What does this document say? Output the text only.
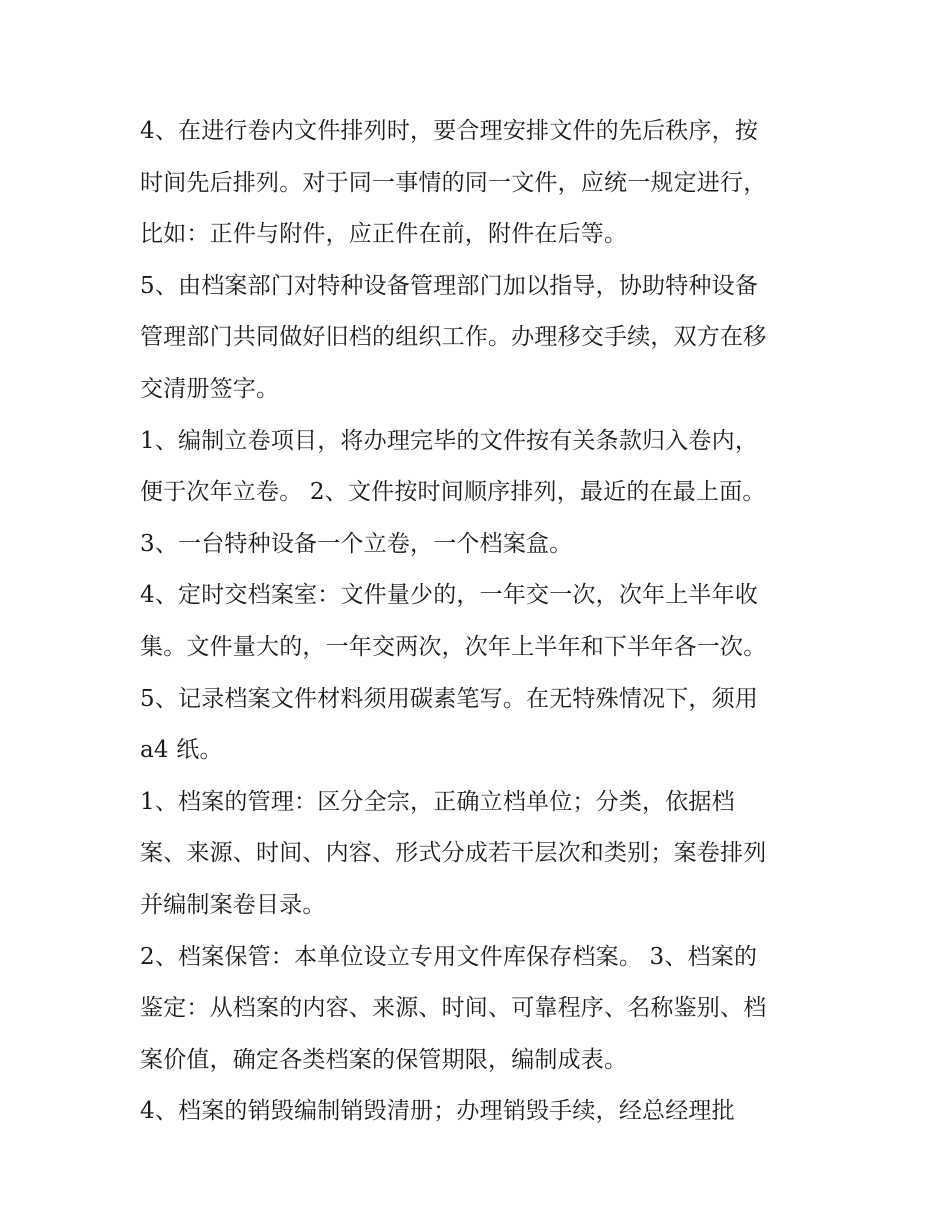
4、在进行卷内文件排列时，要合理安排文件的先后秩序，按
时间先后排列。对于同一事情的同一文件，应统一规定进行，
比如：正件与附件，应正件在前，附件在后等。
5、由档案部门对特种设备管理部门加以指导，协助特种设备
管理部门共同做好旧档的组织工作。办理移交手续，双方在移
交清册签字。
1、编制立卷项目，将办理完毕的文件按有关条款归入卷内，
便于次年立卷。 2、文件按时间顺序排列，最近的在最上面。
3、一台特种设备一个立卷，一个档案盒。
4、定时交档案室：文件量少的，一年交一次，次年上半年收
集。文件量大的，一年交两次，次年上半年和下半年各一次。
5、记录档案文件材料须用碳素笔写。在无特殊情况下，须用
a4 纸。
1、档案的管理：区分全宗，正确立档单位；分类，依据档
案、来源、时间、内容、形式分成若干层次和类别；案卷排列
并编制案卷目录。
2、档案保管：本单位设立专用文件库保存档案。 3、档案的
鉴定：从档案的内容、来源、时间、可靠程序、名称鉴别、档
案价值，确定各类档案的保管期限，编制成表。
4、档案的销毁编制销毁清册；办理销毁手续，经总经理批
